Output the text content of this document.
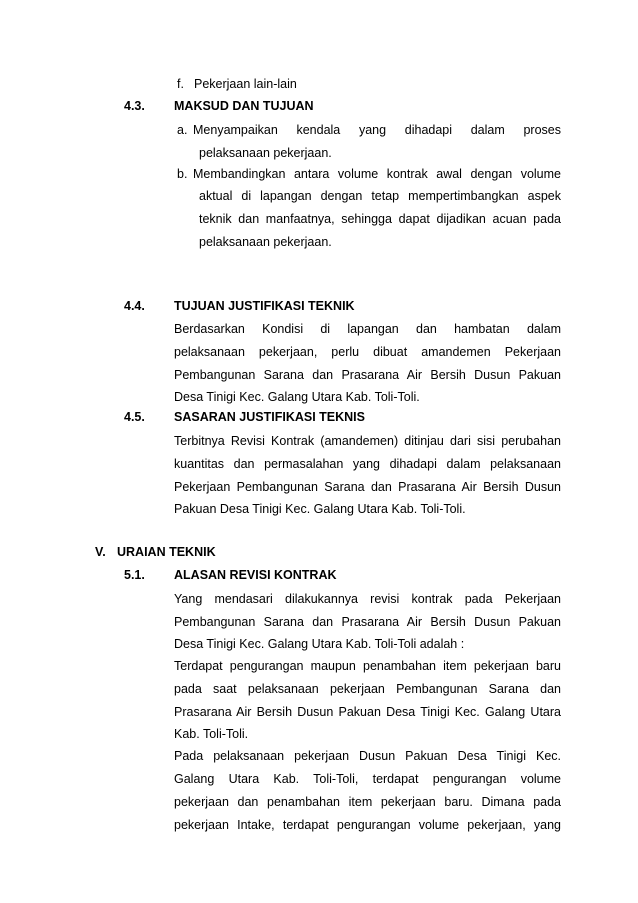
f. Pekerjaan lain-lain
4.3. MAKSUD DAN TUJUAN
a. Menyampaikan kendala yang dihadapi dalam proses
pelaksanaan pekerjaan.
b. Membandingkan antara volume kontrak awal dengan volume
aktual di lapangan dengan tetap mempertimbangkan aspek
teknik dan manfaatnya, sehingga dapat dijadikan acuan pada
pelaksanaan pekerjaan.
4.4. TUJUAN JUSTIFIKASI TEKNIK
Berdasarkan Kondisi di lapangan dan hambatan dalam
pelaksanaan pekerjaan, perlu dibuat amandemen Pekerjaan
Pembangunan Sarana dan Prasarana Air Bersih Dusun Pakuan
Desa Tinigi Kec. Galang Utara Kab. Toli-Toli.
4.5. SASARAN JUSTIFIKASI TEKNIS
Terbitnya Revisi Kontrak (amandemen) ditinjau dari sisi perubahan
kuantitas dan permasalahan yang dihadapi dalam pelaksanaan
Pekerjaan Pembangunan Sarana dan Prasarana Air Bersih Dusun
Pakuan Desa Tinigi Kec. Galang Utara Kab. Toli-Toli.
V. URAIAN TEKNIK
5.1. ALASAN REVISI KONTRAK
Yang mendasari dilakukannya revisi kontrak pada Pekerjaan
Pembangunan Sarana dan Prasarana Air Bersih Dusun Pakuan
Desa Tinigi Kec. Galang Utara Kab. Toli-Toli adalah :
Terdapat pengurangan maupun penambahan item pekerjaan baru
pada saat pelaksanaan pekerjaan Pembangunan Sarana dan
Prasarana Air Bersih Dusun Pakuan Desa Tinigi Kec. Galang Utara
Kab. Toli-Toli.
Pada pelaksanaan pekerjaan Dusun Pakuan Desa Tinigi Kec.
Galang Utara Kab. Toli-Toli, terdapat pengurangan volume
pekerjaan dan penambahan item pekerjaan baru. Dimana pada
pekerjaan Intake, terdapat pengurangan volume pekerjaan, yang
